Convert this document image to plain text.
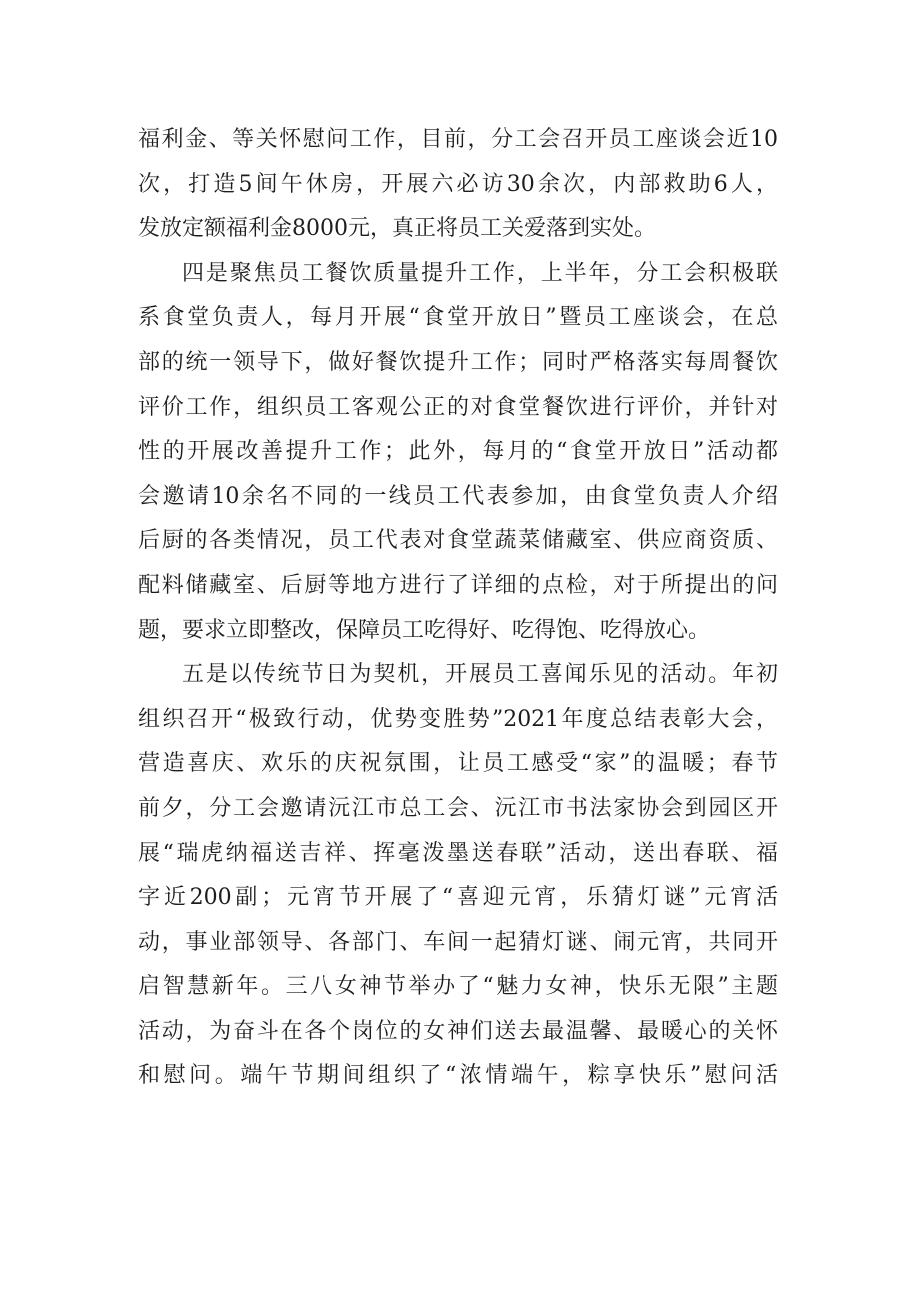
福利金、等关怀慰问工作，目前，分工会召开员工座谈会近10
次，打造5间午休房，开展六必访30余次，内部救助6人，
发放定额福利金8000元，真正将员工关爱落到实处。
四是聚焦员工餐饮质量提升工作，上半年，分工会积极联
系食堂负责人，每月开展“食堂开放日”暨员工座谈会，在总
部的统一领导下，做好餐饮提升工作；同时严格落实每周餐饮
评价工作，组织员工客观公正的对食堂餐饮进行评价，并针对
性的开展改善提升工作；此外，每月的“食堂开放日”活动都
会邀请10余名不同的一线员工代表参加，由食堂负责人介绍
后厨的各类情况，员工代表对食堂蔬菜储藏室、供应商资质、
配料储藏室、后厨等地方进行了详细的点检，对于所提出的问
题，要求立即整改，保障员工吃得好、吃得饱、吃得放心。
五是以传统节日为契机，开展员工喜闻乐见的活动。年初
组织召开“极致行动，优势变胜势”2021年度总结表彰大会，
营造喜庆、欢乐的庆祝氛围，让员工感受“家”的温暖；春节
前夕，分工会邀请沅江市总工会、沅江市书法家协会到园区开
展“瑞虎纳福送吉祥、挥毫泼墨送春联”活动，送出春联、福
字近200副；元宵节开展了“喜迎元宵，乐猜灯谜”元宵活
动，事业部领导、各部门、车间一起猜灯谜、闹元宵，共同开
启智慧新年。三八女神节举办了“魅力女神，快乐无限”主题
活动，为奋斗在各个岗位的女神们送去最温馨、最暖心的关怀
和慰问。端午节期间组织了“浓情端午，粽享快乐”慰问活
